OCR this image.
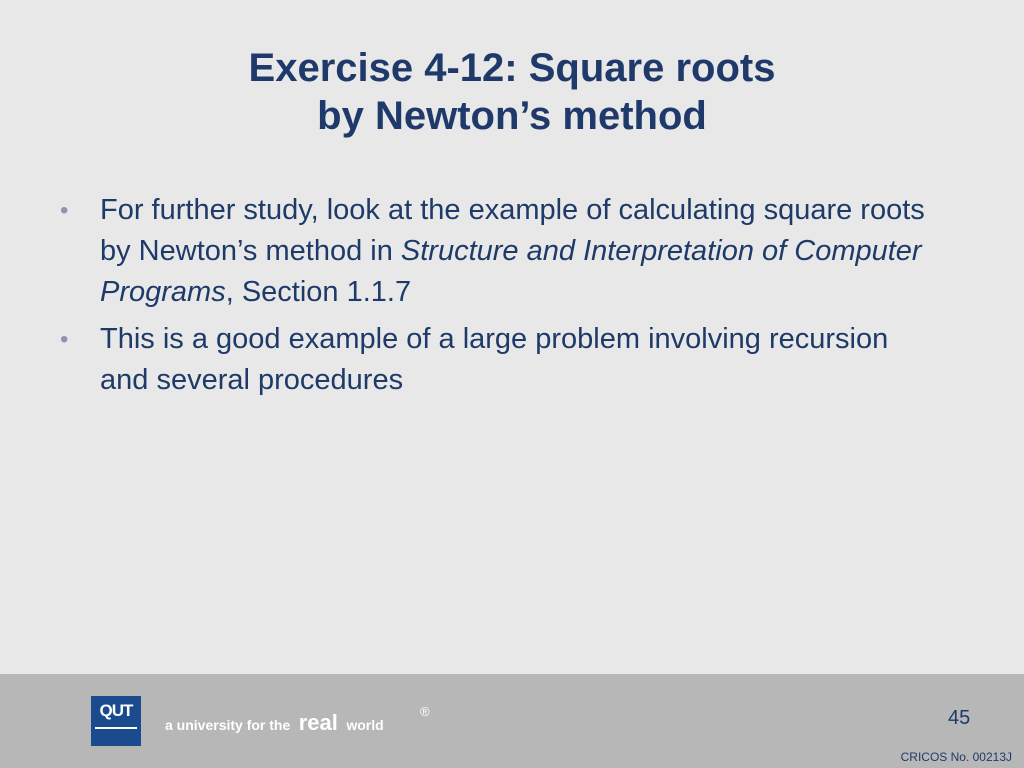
Exercise 4-12: Square roots
by Newton’s method
• For further study, look at the example of calculating square roots by Newton’s method in Structure and Interpretation of Computer Programs, Section 1.1.7
• This is a good example of a large problem involving recursion and several procedures
QUT
a university for the real world
®	45
CRICOS No. 00213J
